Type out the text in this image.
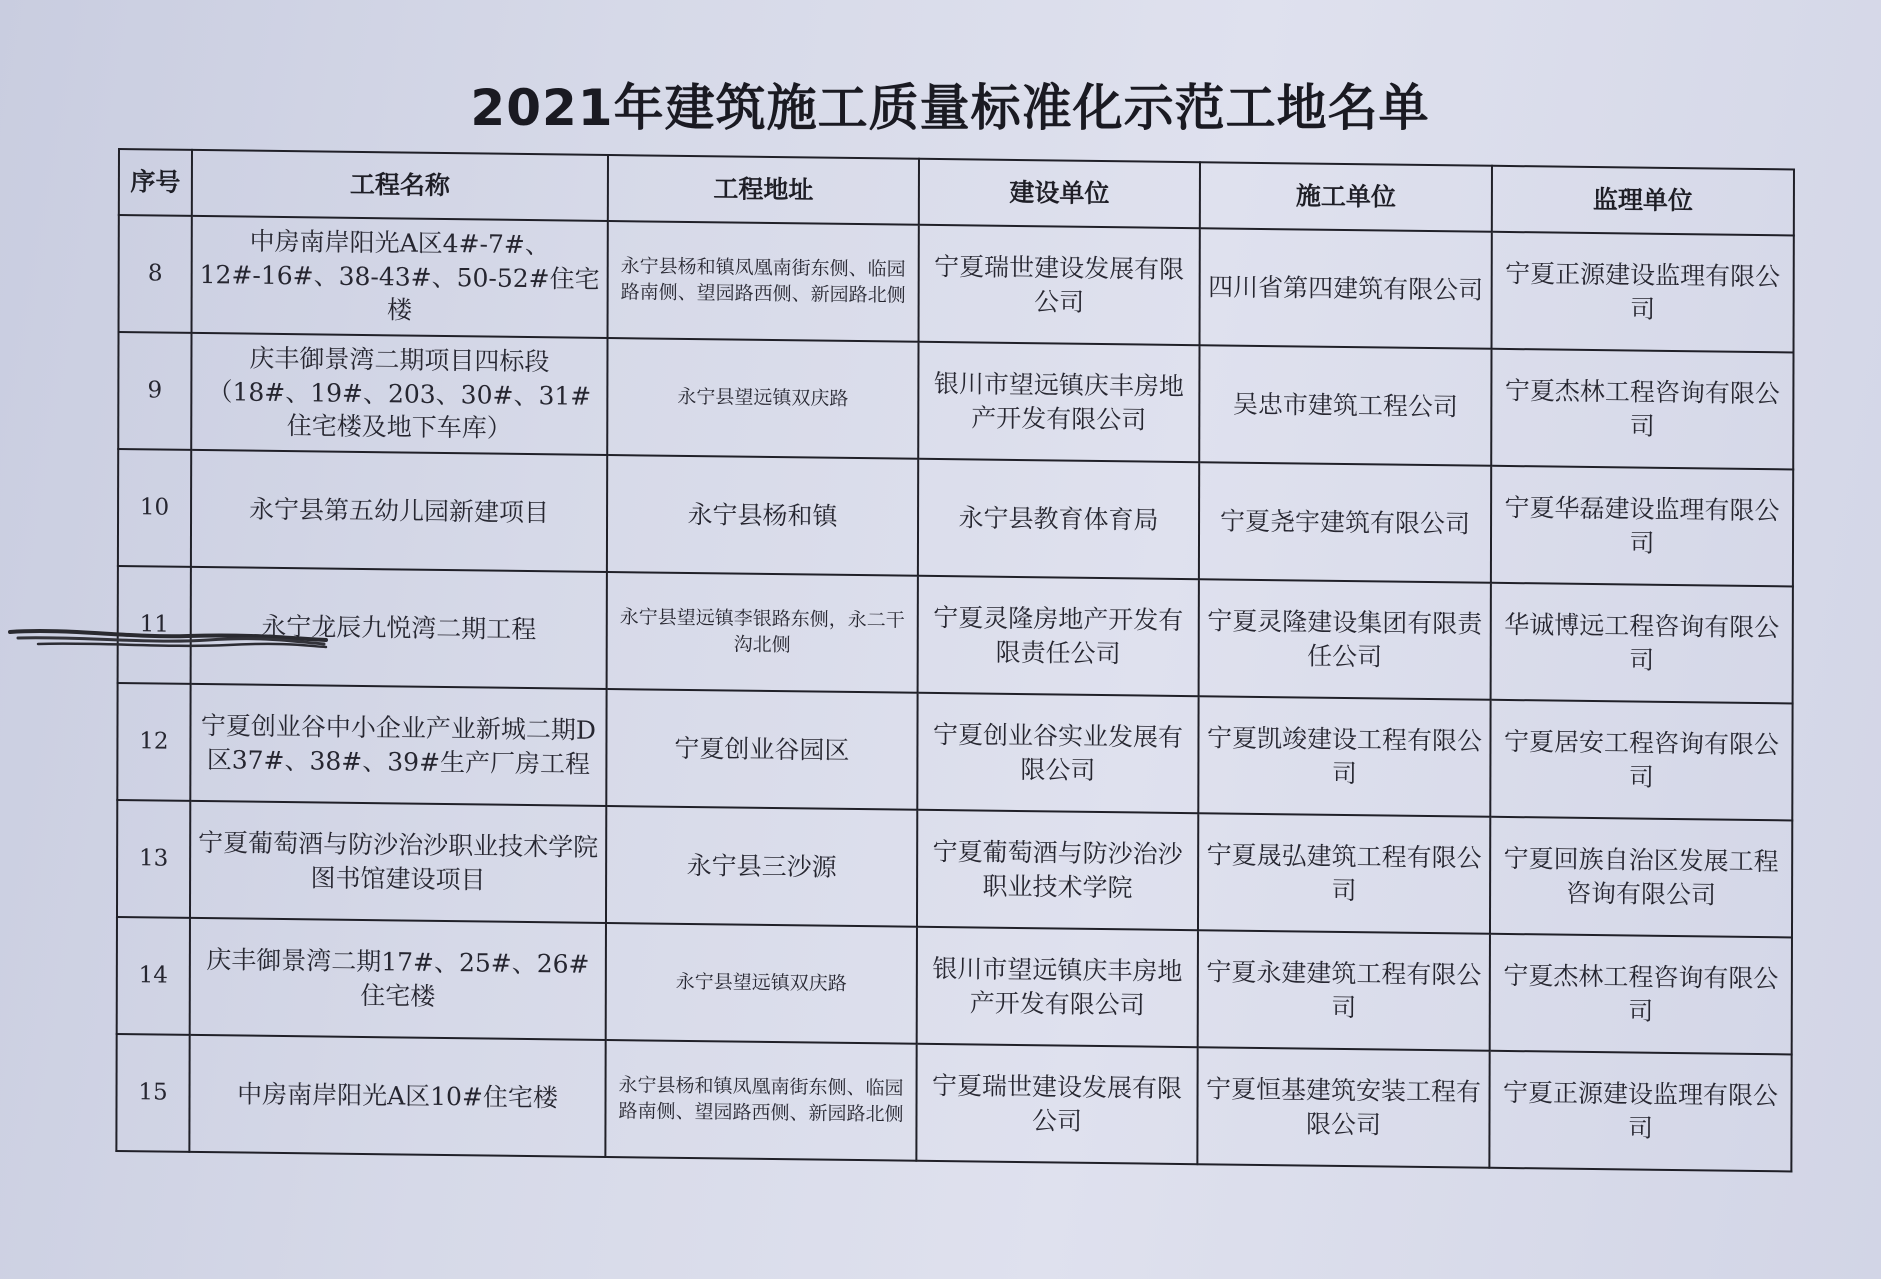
2021年建筑施工质量标准化示范工地名单
序号	工程名称	工程地址	建设单位	施工单位	监理单位
8	中房南岸阳光A区4#-7#、12#-16#、38-43#、50-52#住宅楼	永宁县杨和镇凤凰南街东侧、临园路南侧、望园路西侧、新园路北侧	宁夏瑞世建设发展有限公司	四川省第四建筑有限公司	宁夏正源建设监理有限公司
9	庆丰御景湾二期项目四标段（18#、19#、203、30#、31#住宅楼及地下车库）	永宁县望远镇双庆路	银川市望远镇庆丰房地产开发有限公司	吴忠市建筑工程公司	宁夏杰林工程咨询有限公司
10	永宁县第五幼儿园新建项目	永宁县杨和镇	永宁县教育体育局	宁夏尧宇建筑有限公司	宁夏华磊建设监理有限公司
11	永宁龙辰九悦湾二期工程	永宁县望远镇李银路东侧，永二干沟北侧	宁夏灵隆房地产开发有限责任公司	宁夏灵隆建设集团有限责任公司	华诚博远工程咨询有限公司
12	宁夏创业谷中小企业产业新城二期D区37#、38#、39#生产厂房工程	宁夏创业谷园区	宁夏创业谷实业发展有限公司	宁夏凯竣建设工程有限公司	宁夏居安工程咨询有限公司
13	宁夏葡萄酒与防沙治沙职业技术学院图书馆建设项目	永宁县三沙源	宁夏葡萄酒与防沙治沙职业技术学院	宁夏晟弘建筑工程有限公司	宁夏回族自治区发展工程咨询有限公司
14	庆丰御景湾二期17#、25#、26#住宅楼	永宁县望远镇双庆路	银川市望远镇庆丰房地产开发有限公司	宁夏永建建筑工程有限公司	宁夏杰林工程咨询有限公司
15	中房南岸阳光A区10#住宅楼	永宁县杨和镇凤凰南街东侧、临园路南侧、望园路西侧、新园路北侧	宁夏瑞世建设发展有限公司	宁夏恒基建筑安装工程有限公司	宁夏正源建设监理有限公司
